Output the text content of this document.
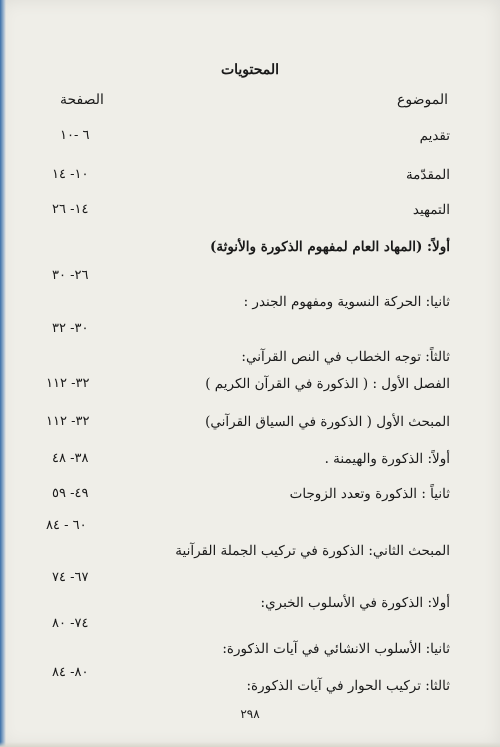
المحتويات
الموضوع
الصفحة
تقديم
٦ -١٠
المقدّمة
١٠- ١٤
التمهيد
١٤- ٢٦
أولاً: (المهاد العام لمفهوم الذكورة والأنوثة)
٢٦- ٣٠
ثانيا: الحركة النسوية ومفهوم الجندر :
٣٠- ٣٢
ثالثاً: توجه الخطاب في النص القرآني:
الفصل الأول : ( الذكورة في القرآن الكريم )
٣٢- ١١٢
المبحث الأول ( الذكورة في السياق القرآني)
٣٢- ١١٢
أولاً: الذكورة والهيمنة .
٣٨- ٤٨
ثانياً : الذكورة وتعدد الزوجات
٤٩- ٥٩
٦٠ - ٨٤
المبحث الثاني: الذكورة في تركيب الجملة القرآنية
٦٧- ٧٤
أولا: الذكورة في الأسلوب الخبري:
٧٤- ٨٠
ثانيا: الأسلوب الانشائي في آيات الذكورة:
٨٠- ٨٤
ثالثا: تركيب الحوار في آيات الذكورة:
٢٩٨
